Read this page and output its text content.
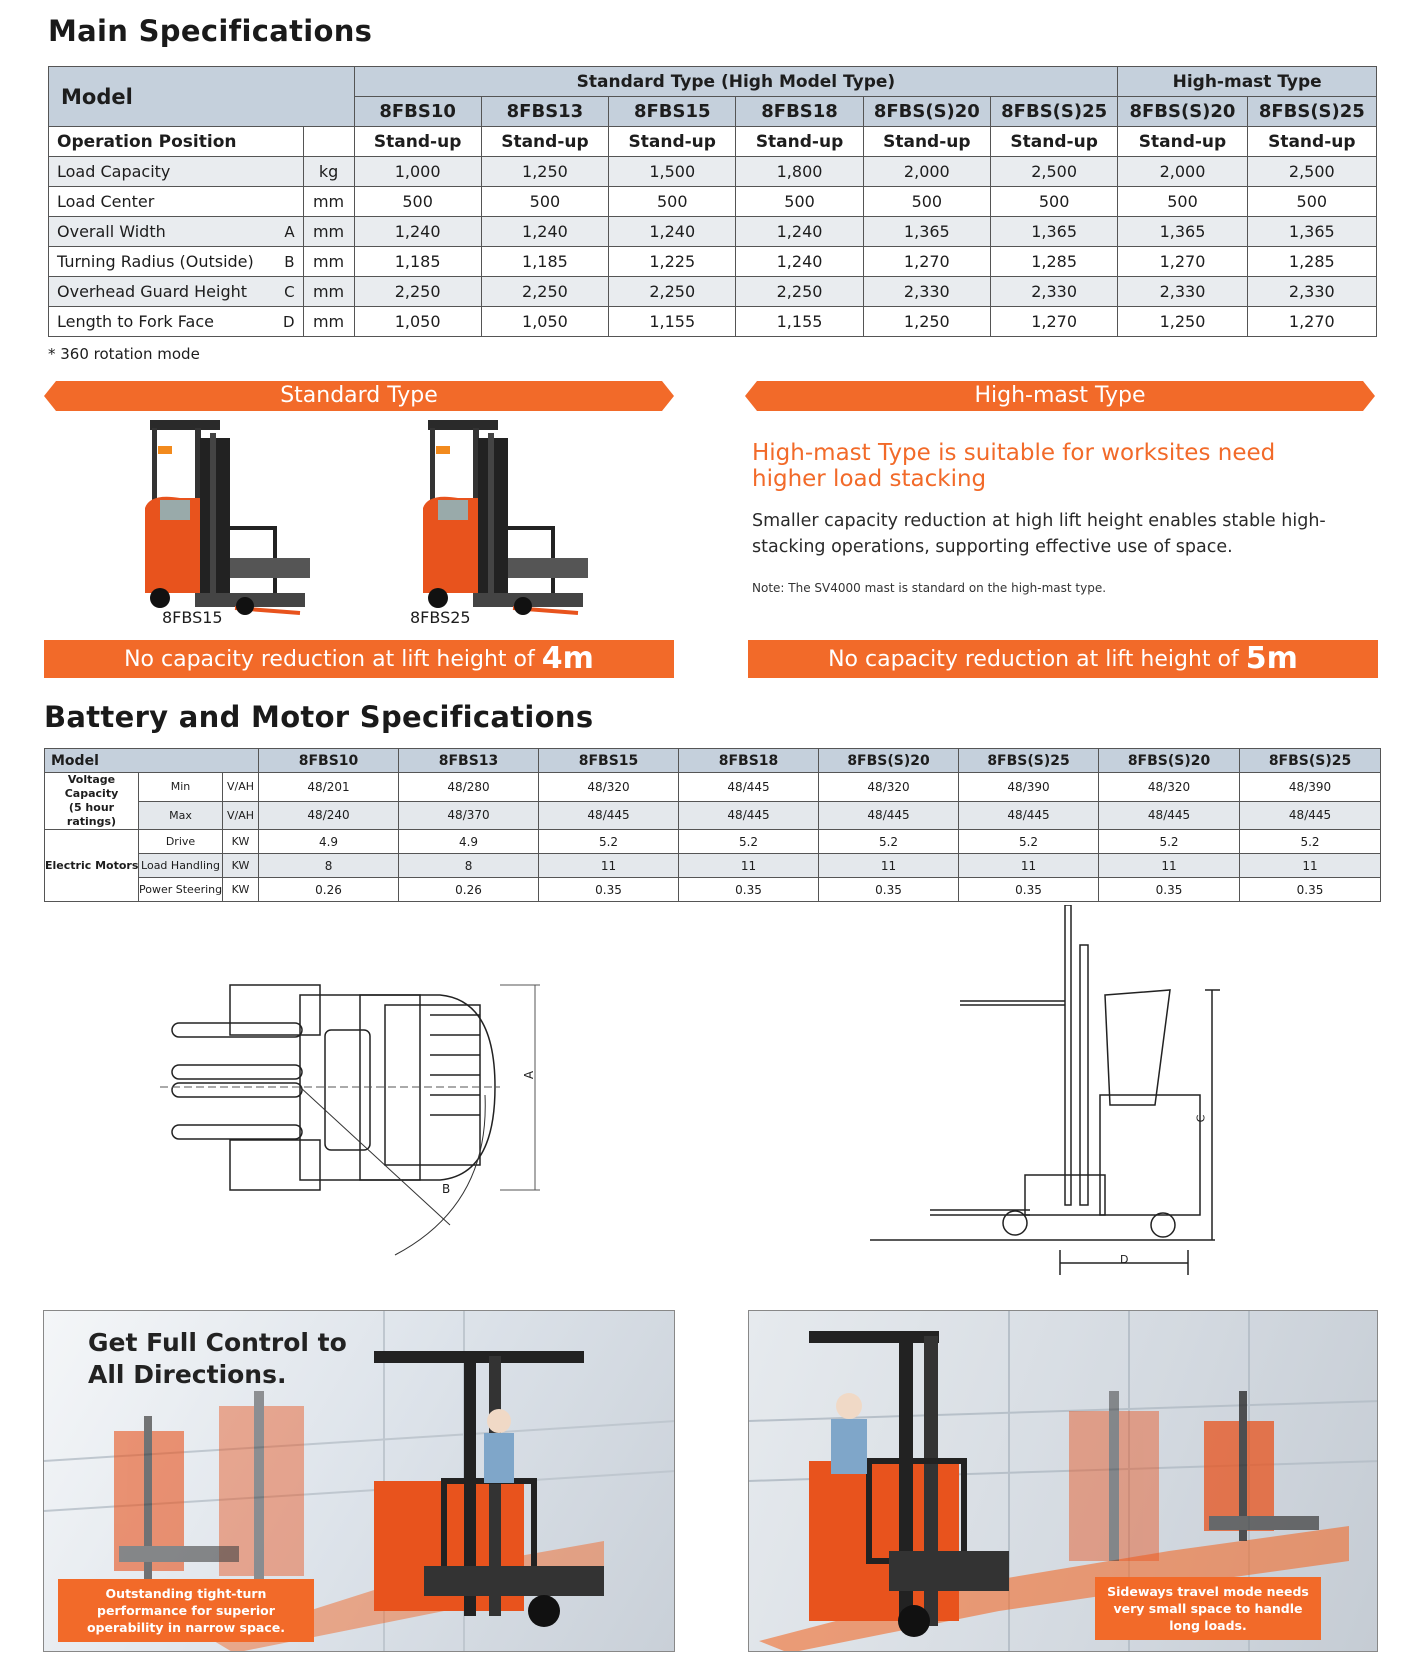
Main Specifications
Model		Standard Type (High Model Type)						High-mast Type	
		8FBS10	8FBS13	8FBS15	8FBS18	8FBS(S)20	8FBS(S)25	8FBS(S)20	8FBS(S)25
Operation Position		Stand-up	Stand-up	Stand-up	Stand-up	Stand-up	Stand-up	Stand-up	Stand-up
Load Capacity	kg	1,000	1,250	1,500	1,800	2,000	2,500	2,000	2,500
Load Center	mm	500	500	500	500	500	500	500	500
Overall Width A	mm	1,240	1,240	1,240	1,240	1,365	1,365	1,365	1,365
Turning Radius (Outside) B	mm	1,185	1,185	1,225	1,240	1,270	1,285	1,270	1,285
Overhead Guard Height C	mm	2,250	2,250	2,250	2,250	2,330	2,330	2,330	2,330
Length to Fork Face D	mm	1,050	1,050	1,155	1,155	1,250	1,270	1,250	1,270
* 360 rotation mode
Standard Type	High-mast Type
8FBS15	8FBS25
High-mast Type is suitable for worksites need higher load stacking
Smaller capacity reduction at high lift height enables stable high-stacking operations, supporting effective use of space.
Note: The SV4000 mast is standard on the high-mast type.
No capacity reduction at lift height of 4m	No capacity reduction at lift height of 5m
Battery and Motor Specifications
Model			8FBS10	8FBS13	8FBS15	8FBS18	8FBS(S)20	8FBS(S)25	8FBS(S)20	8FBS(S)25

Voltage Capacity
(5 hour ratings)	Min	V/AH	48/201	48/280	48/320	48/445	48/320	48/390	48/320	48/390
	Max	V/AH	48/240	48/370	48/445	48/445	48/445	48/445	48/445	48/445
Electric Motors	Drive	KW	4.9	4.9	5.2	5.2	5.2	5.2	5.2	5.2
	Load Handling	KW	8	8	11	11	11	11	11	11
	Power Steering	KW	0.26	0.26	0.35	0.35	0.35	0.35	0.35	0.35
A
B
C
D
Get Full Control to
All Directions.
Outstanding tight-turn performance for superior operability in narrow space.
Sideways travel mode needs very small space to handle long loads.
